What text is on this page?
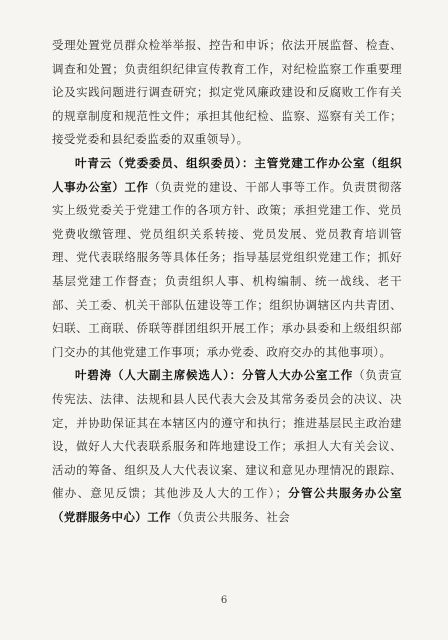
受理处置党员群众检举举报、控告和申诉；依法开展监督、检查、调查和处置；负责组织纪律宣传教育工作，对纪检监察工作重要理论及实践问题进行调查研究；拟定党风廉政建设和反腐败工作有关的规章制度和规范性文件；承担其他纪检、监察、巡察有关工作；接受党委和县纪委监委的双重领导）。

叶青云（党委委员、组织委员）：主管党建工作办公室（组织人事办公室）工作（负责党的建设、干部人事等工作。负责贯彻落实上级党委关于党建工作的各项方针、政策；承担党建工作、党员党费收缴管理、党员组织关系转接、党员发展、党员教育培训管理、党代表联络服务等具体任务；指导基层党组织党建工作；抓好基层党建工作督查；负责组织人事、机构编制、统一战线、老干部、关工委、机关干部队伍建设等工作；组织协调辖区内共青团、妇联、工商联、侨联等群团组织开展工作；承办县委和上级组织部门交办的其他党建工作事项；承办党委、政府交办的其他事项）。

叶碧涛（人大副主席候选人）：分管人大办公室工作（负责宣传宪法、法律、法规和县人民代表大会及其常务委员会的决议、决定，并协助保证其在本辖区内的遵守和执行；推进基层民主政治建设，做好人大代表联系服务和阵地建设工作；承担人大有关会议、活动的筹备、组织及人大代表议案、建议和意见办理情况的跟踪、催办、意见反馈；其他涉及人大的工作）；分管公共服务办公室（党群服务中心）工作（负责公共服务、社会

6
